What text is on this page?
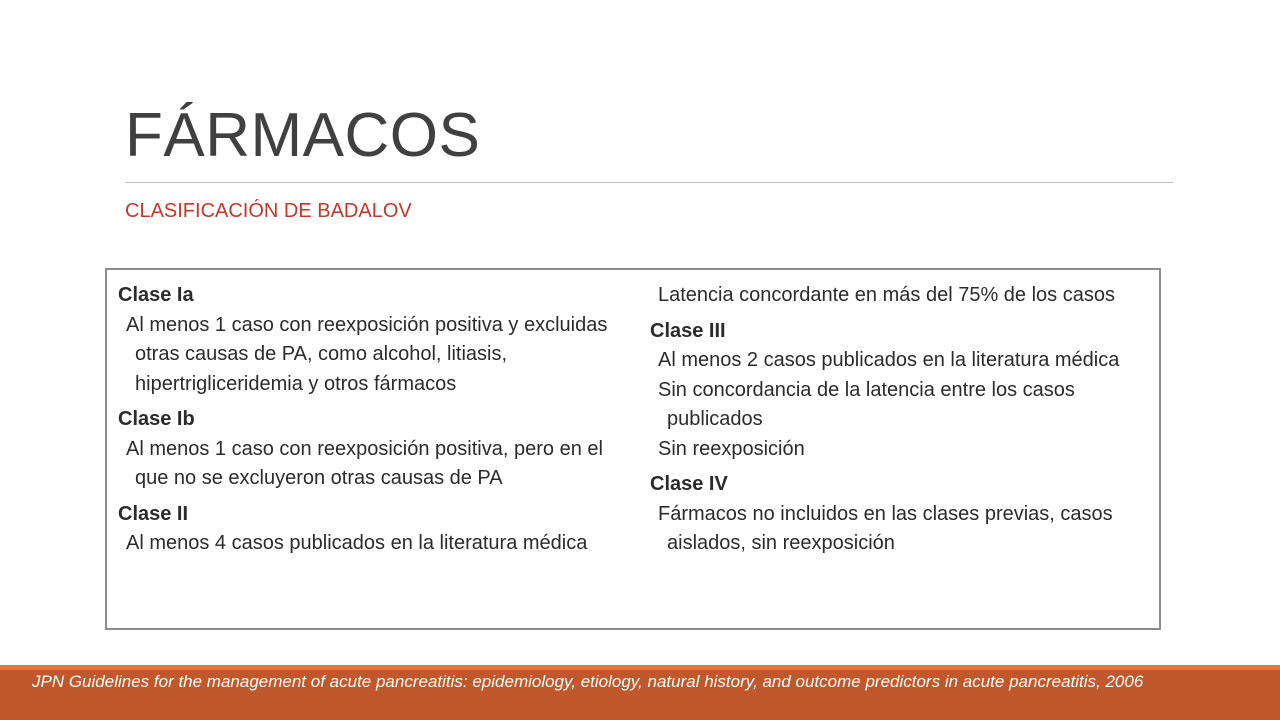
FÁRMACOS
CLASIFICACIÓN DE BADALOV
Clase Ia
Al menos 1 caso con reexposición positiva y excluidas otras causas de PA, como alcohol, litiasis, hipertrigliceridemia y otros fármacos
Clase Ib
Al menos 1 caso con reexposición positiva, pero en el que no se excluyeron otras causas de PA
Clase II
Al menos 4 casos publicados en la literatura médica
Latencia concordante en más del 75% de los casos
Clase III
Al menos 2 casos publicados en la literatura médica
Sin concordancia de la latencia entre los casos publicados
Sin reexposición
Clase IV
Fármacos no incluidos en las clases previas, casos aislados, sin reexposición
JPN Guidelines for the management of acute pancreatitis: epidemiology, etiology, natural history, and outcome predictors in acute pancreatitis, 2006
